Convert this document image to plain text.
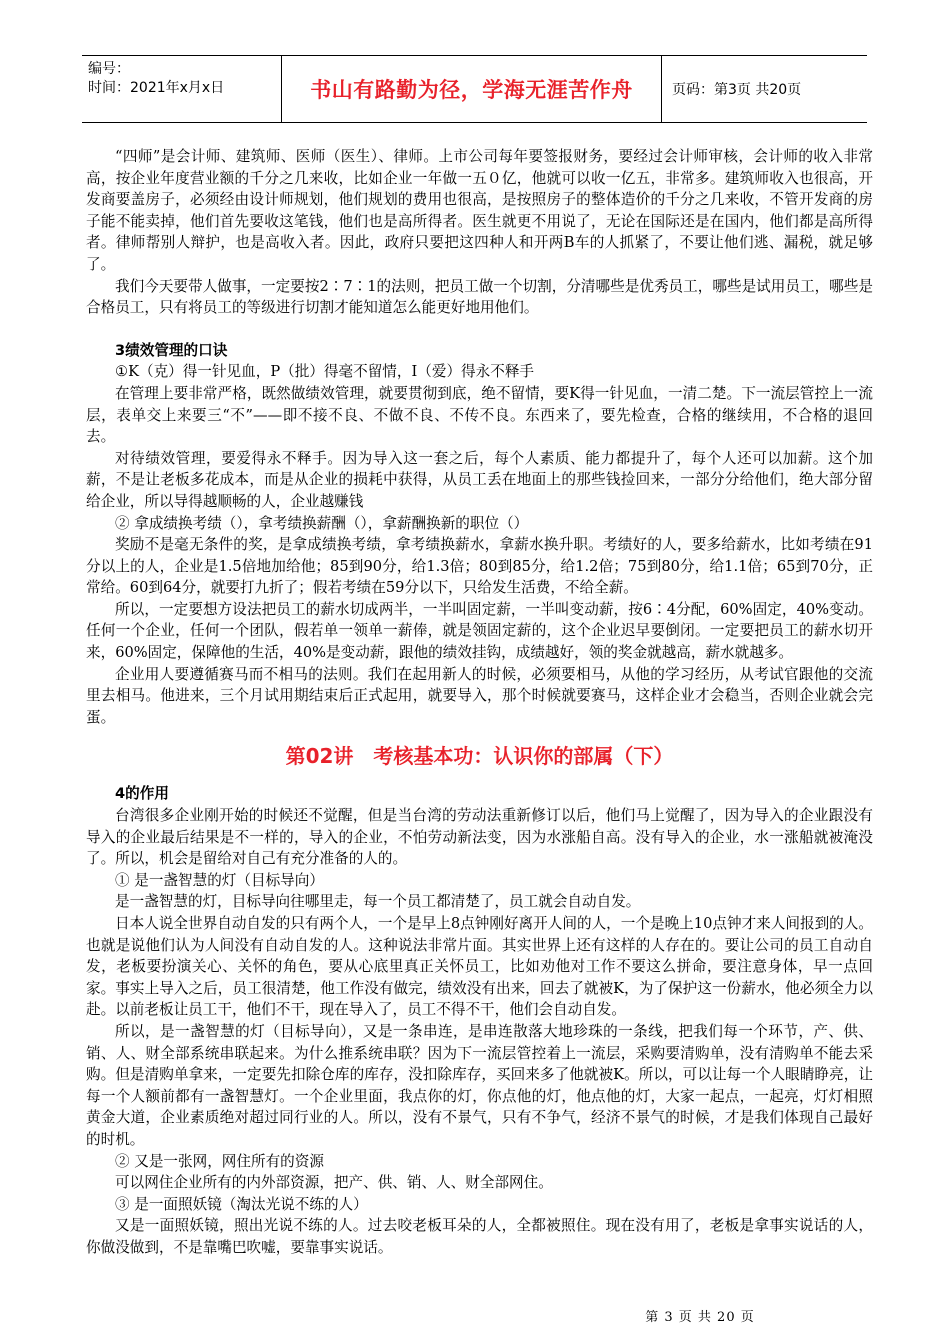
编号：
时间：2021年x月x日	书山有路勤为径，学海无涯苦作舟	页码：第3页 共20页

“四师”是会计师、建筑师、医师（医生）、律师。上市公司每年要签报财务，要经过会计师审核，会计师的收入非常高，按企业年度营业额的千分之几来收，比如企业一年做一五０亿，他就可以收一亿五，非常多。建筑师收入也很高，开发商要盖房子，必须经由设计师规划，他们规划的费用也很高，是按照房子的整体造价的千分之几来收，不管开发商的房子能不能卖掉，他们首先要收这笔钱，他们也是高所得者。医生就更不用说了，无论在国际还是在国内，他们都是高所得者。律师帮别人辩护，也是高收入者。因此，政府只要把这四种人和开两B车的人抓紧了，不要让他们逃、漏税，就足够了。

我们今天要带人做事，一定要按2∶7∶1的法则，把员工做一个切割，分清哪些是优秀员工，哪些是试用员工，哪些是合格员工，只有将员工的等级进行切割才能知道怎么能更好地用他们。

3绩效管理的口诀

①K（克）得一针见血，P（批）得毫不留情，I（爱）得永不释手

在管理上要非常严格，既然做绩效管理，就要贯彻到底，绝不留情，要K得一针见血，一清二楚。下一流层管控上一流层，表单交上来要三“不”——即不接不良、不做不良、不传不良。东西来了，要先检查，合格的继续用，不合格的退回去。

对待绩效管理，要爱得永不释手。因为导入这一套之后，每个人素质、能力都提升了，每个人还可以加薪。这个加薪，不是让老板多花成本，而是从企业的损耗中获得，从员工丢在地面上的那些钱捡回来，一部分分给他们，绝大部分留给企业，所以导得越顺畅的人，企业越赚钱

② 拿成绩换考绩（），拿考绩换薪酬（），拿薪酬换新的职位（）

奖励不是毫无条件的奖，是拿成绩换考绩，拿考绩换薪水，拿薪水换升职。考绩好的人，要多给薪水，比如考绩在91分以上的人，企业是1.5倍地加给他；85到90分，给1.3倍；80到85分，给1.2倍；75到80分，给1.1倍；65到70分，正常给。60到64分，就要打九折了；假若考绩在59分以下，只给发生活费，不给全薪。

所以，一定要想方设法把员工的薪水切成两半，一半叫固定薪，一半叫变动薪，按6∶4分配，60%固定，40%变动。任何一个企业，任何一个团队，假若单一领单一薪俸，就是领固定薪的，这个企业迟早要倒闭。一定要把员工的薪水切开来，60%固定，保障他的生活，40%是变动薪，跟他的绩效挂钩，成绩越好，领的奖金就越高，薪水就越多。

企业用人要遵循赛马而不相马的法则。我们在起用新人的时候，必须要相马，从他的学习经历，从考试官跟他的交流里去相马。他进来，三个月试用期结束后正式起用，就要导入，那个时候就要赛马，这样企业才会稳当，否则企业就会完蛋。

第02讲　考核基本功：认识你的部属（下）
4的作用

台湾很多企业刚开始的时候还不觉醒，但是当台湾的劳动法重新修订以后，他们马上觉醒了，因为导入的企业跟没有导入的企业最后结果是不一样的，导入的企业，不怕劳动新法变，因为水涨船自高。没有导入的企业，水一涨船就被淹没了。所以，机会是留给对自己有充分准备的人的。

① 是一盏智慧的灯（目标导向）

是一盏智慧的灯，目标导向往哪里走，每一个员工都清楚了，员工就会自动自发。

日本人说全世界自动自发的只有两个人，一个是早上8点钟刚好离开人间的人，一个是晚上10点钟才来人间报到的人。也就是说他们认为人间没有自动自发的人。这种说法非常片面。其实世界上还有这样的人存在的。要让公司的员工自动自发，老板要扮演关心、关怀的角色，要从心底里真正关怀员工，比如劝他对工作不要这么拼命，要注意身体，早一点回家。事实上导入之后，员工很清楚，他工作没有做完，绩效没有出来，回去了就被K，为了保护这一份薪水，他必须全力以赴。以前老板让员工干，他们不干，现在导入了，员工不得不干，他们会自动自发。

所以，是一盏智慧的灯（目标导向），又是一条串连，是串连散落大地珍珠的一条线，把我们每一个环节，产、供、销、人、财全部系统串联起来。为什么推系统串联？因为下一流层管控着上一流层，采购要清购单，没有清购单不能去采购。但是清购单拿来，一定要先扣除仓库的库存，没扣除库存，买回来多了他就被K。所以，可以让每一个人眼睛睁亮，让每一个人额前都有一盏智慧灯。一个企业里面，我点你的灯，你点他的灯，他点他的灯，大家一起点，一起亮，灯灯相照黄金大道，企业素质绝对超过同行业的人。所以，没有不景气，只有不争气，经济不景气的时候，才是我们体现自己最好的时机。

② 又是一张网，网住所有的资源

可以网住企业所有的内外部资源，把产、供、销、人、财全部网住。

③ 是一面照妖镜（淘汰光说不练的人）

又是一面照妖镜，照出光说不练的人。过去咬老板耳朵的人，全都被照住。现在没有用了，老板是拿事实说话的人，你做没做到，不是靠嘴巴吹嘘，要靠事实说话。

第 3 页 共 20 页
